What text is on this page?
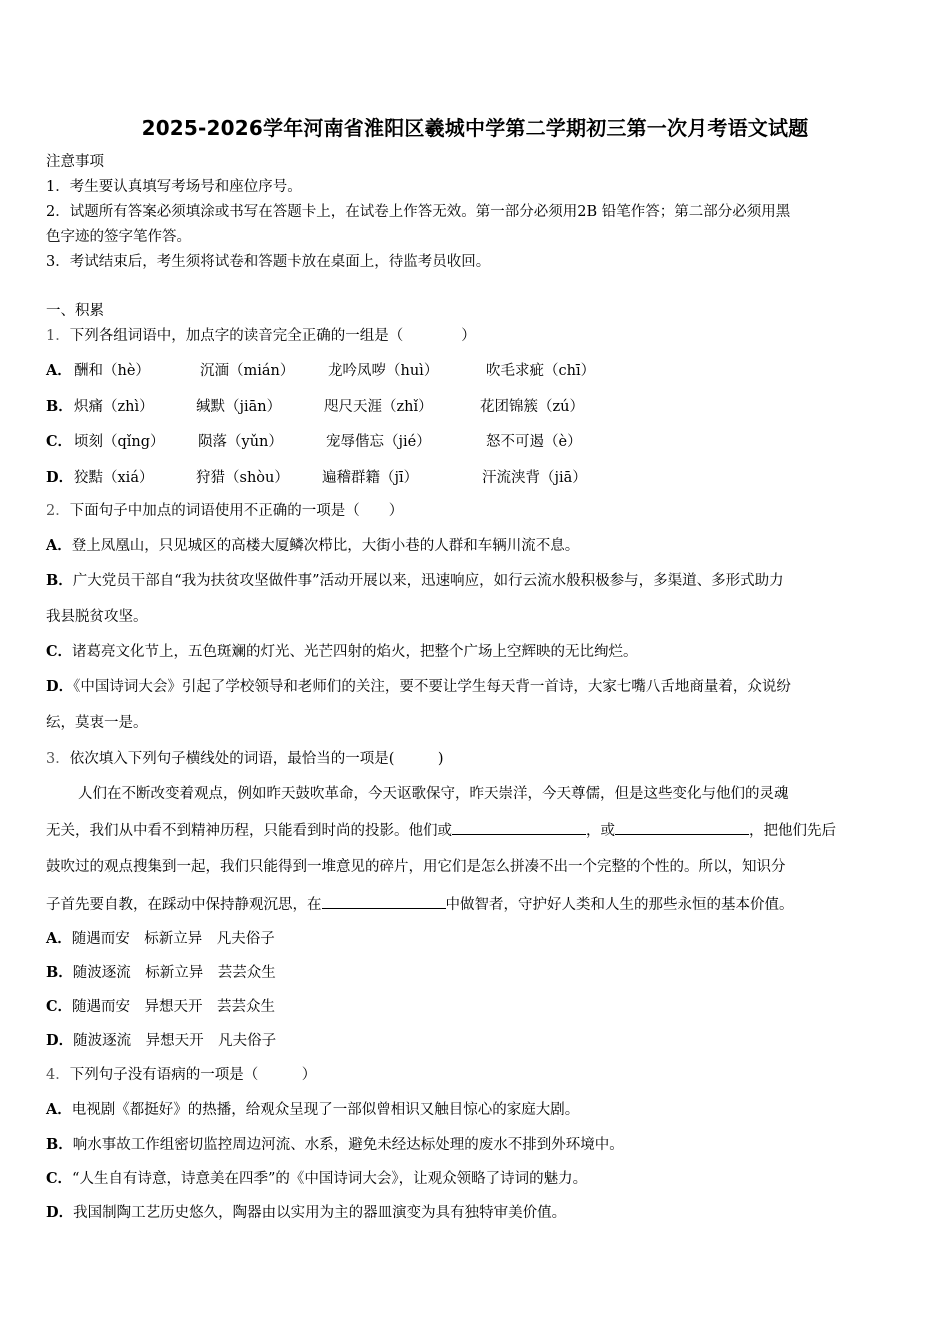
2025-2026学年河南省淮阳区羲城中学第二学期初三第一次月考语文试题
注意事项
1．考生要认真填写考场号和座位序号。
2．试题所有答案必须填涂或书写在答题卡上，在试卷上作答无效。第一部分必须用2B 铅笔作答；第二部分必须用黑
色字迹的签字笔作答。
3．考试结束后，考生须将试卷和答题卡放在桌面上，待监考员收回。
一、积累
1．下列各组词语中，加点字的读音完全正确的一组是（　　　　）
A． 酬和（hè）	沉湎（mián） 龙吟凤哕（huì）	吹毛求疵（chī）
B． 炽痛（zhì）	缄默（jiān）	咫尺天涯（zhǐ）	花团锦簇（zú）
C． 顷刻（qǐng） 陨落（yǔn）	宠辱偕忘（jié）	怒不可遏（è）
D． 狡黠（xiá）	狩猎（shòu） 遍稽群籍（jī）	汗流浃背（jiā）
2．下面句子中加点的词语使用不正确的一项是（　　）
A．登上凤凰山，只见城区的高楼大厦鳞次栉比，大街小巷的人群和车辆川流不息。
B．广大党员干部自“我为扶贫攻坚做件事”活动开展以来，迅速响应，如行云流水般积极参与，多渠道、多形式助力
我县脱贫攻坚。
C．诸葛亮文化节上，五色斑斓的灯光、光芒四射的焰火，把整个广场上空辉映的无比绚烂。
D．《中国诗词大会》引起了学校领导和老师们的关注，要不要让学生每天背一首诗，大家七嘴八舌地商量着，众说纷
纭，莫衷一是。
3．依次填入下列句子横线处的词语，最恰当的一项是(　　　)
人们在不断改变着观点，例如昨天鼓吹革命，今天讴歌保守，昨天崇洋，今天尊儒，但是这些变化与他们的灵魂
无关，我们从中看不到精神历程，只能看到时尚的投影。他们或	，或	，把他们先后
鼓吹过的观点搜集到一起，我们只能得到一堆意见的碎片，用它们是怎么拼凑不出一个完整的个性的。所以，知识分
子首先要自教，在踩动中保持静观沉思，在	中做智者，守护好人类和人生的那些永恒的基本价值。
A．随遇而安　标新立异　凡夫俗子
B．随波逐流　标新立异　芸芸众生
C．随遇而安　异想天开　芸芸众生
D．随波逐流　异想天开　凡夫俗子
4．下列句子没有语病的一项是（　　　）
A．电视剧《都挺好》的热播，给观众呈现了一部似曾相识又触目惊心的家庭大剧。
B．响水事故工作组密切监控周边河流、水系，避免未经达标处理的废水不排到外环境中。
C．“人生自有诗意，诗意美在四季”的《中国诗词大会》，让观众领略了诗词的魅力。
D．我国制陶工艺历史悠久，陶器由以实用为主的器皿演变为具有独特审美价值。
